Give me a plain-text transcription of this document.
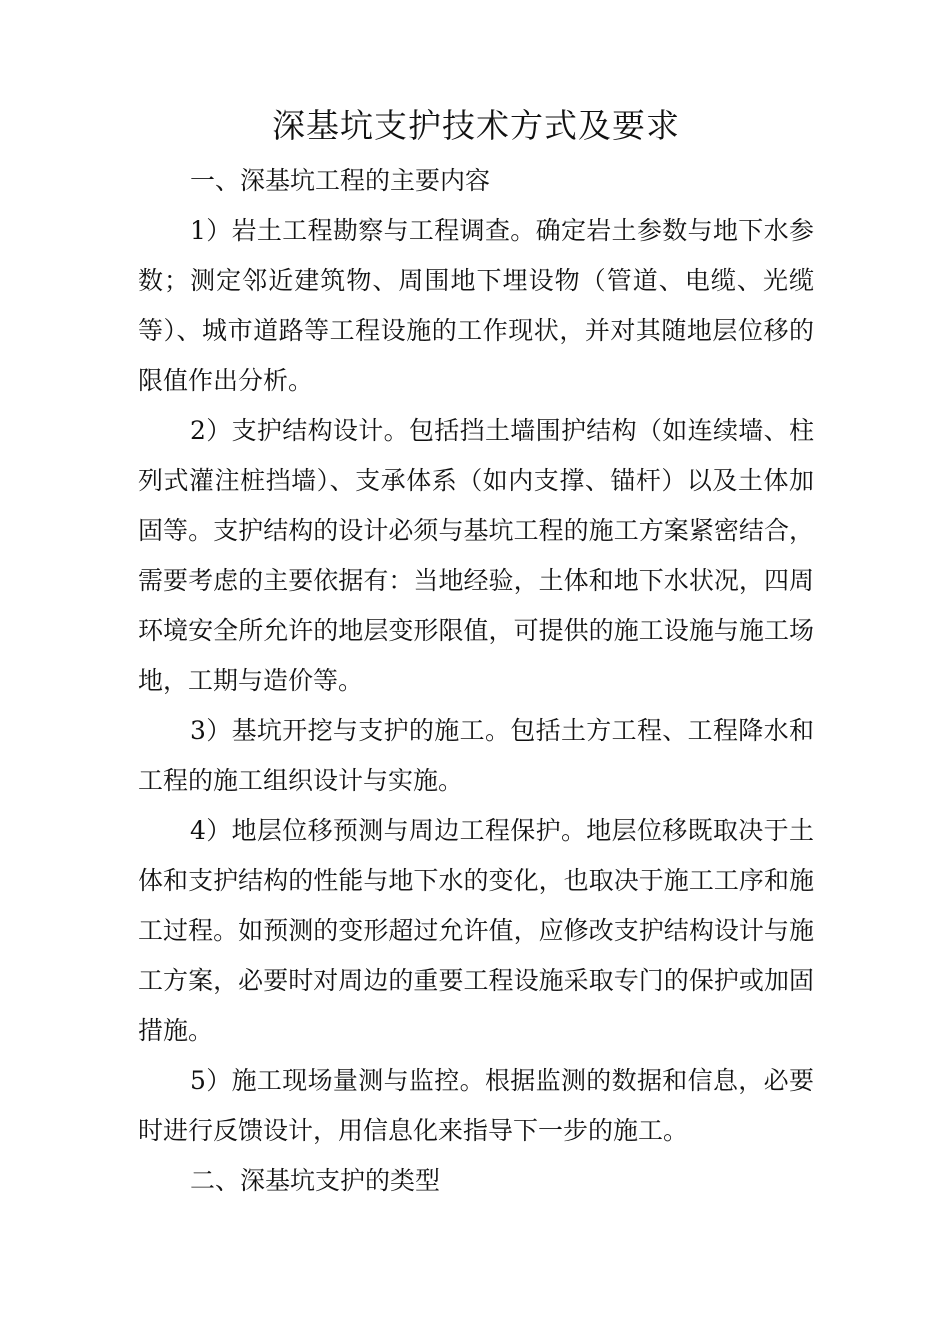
深基坑支护技术方式及要求

一、深基坑工程的主要内容

1）岩土工程勘察与工程调查。确定岩土参数与地下水参数；测定邻近建筑物、周围地下埋设物（管道、电缆、光缆等）、城市道路等工程设施的工作现状，并对其随地层位移的限值作出分析。

2）支护结构设计。包括挡土墙围护结构（如连续墙、柱列式灌注桩挡墙）、支承体系（如内支撑、锚杆）以及土体加固等。支护结构的设计必须与基坑工程的施工方案紧密结合，需要考虑的主要依据有：当地经验，土体和地下水状况，四周环境安全所允许的地层变形限值，可提供的施工设施与施工场地，工期与造价等。

3）基坑开挖与支护的施工。包括土方工程、工程降水和工程的施工组织设计与实施。

4）地层位移预测与周边工程保护。地层位移既取决于土体和支护结构的性能与地下水的变化，也取决于施工工序和施工过程。如预测的变形超过允许值，应修改支护结构设计与施工方案，必要时对周边的重要工程设施采取专门的保护或加固措施。

5）施工现场量测与监控。根据监测的数据和信息，必要时进行反馈设计，用信息化来指导下一步的施工。

二、深基坑支护的类型
